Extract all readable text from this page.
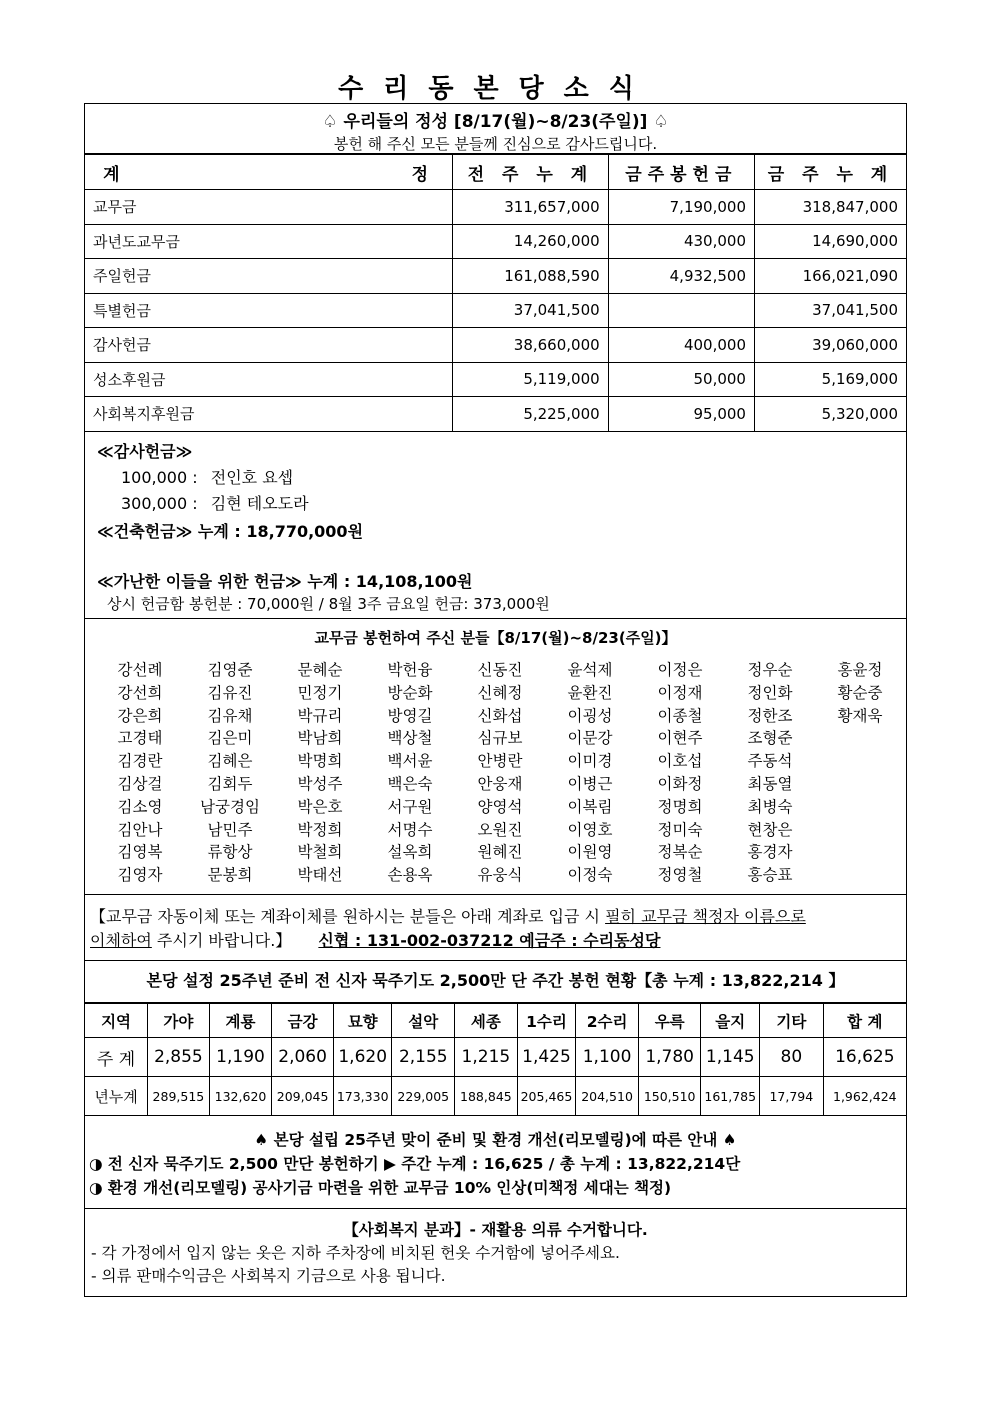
수리동본당소식
♤ 우리들의 정성 [8/17(월)~8/23(주일)] ♤
봉헌 해 주신 모든 분들께 진심으로 감사드립니다.
계                        정	전 주 누 계	금주봉헌금	금 주 누 계
교무금	311,657,000	7,190,000	318,847,000
과년도교무금	14,260,000	430,000	14,690,000
주일헌금	161,088,590	4,932,500	166,021,090
특별헌금	37,041,500		37,041,500
감사헌금	38,660,000	400,000	39,060,000
성소후원금	5,119,000	50,000	5,169,000
사회복지후원금	5,225,000	95,000	5,320,000
≪감사헌금≫
100,000 : 전인호 요셉
300,000 : 김현 테오도라
≪건축헌금≫ 누계 : 18,770,000원
≪가난한 이들을 위한 헌금≫ 누계 : 14,108,100원
상시 헌금함 봉헌분 : 70,000원 / 8월 3주 금요일 헌금: 373,000원
교무금 봉헌하여 주신 분들【8/17(월)~8/23(주일)】
강선례	김영준	문혜순	박헌융	신동진	윤석제	이정은	정우순	홍윤정
강선희	김유진	민정기	방순화	신혜정	윤환진	이정재	정인화	황순중
강은희	김유채	박규리	방영길	신화섭	이굉성	이종철	정한조	황재욱
고경태	김은미	박남희	백상철	심규보	이문강	이현주	조형준
김경란	김혜은	박명희	백서윤	안병란	이미경	이호섭	주동석
김상걸	김회두	박성주	백은숙	안웅재	이병근	이화정	최동열
김소영	남궁경임	박은호	서구원	양영석	이복림	정명희	최병숙
김안나	남민주	박정희	서명수	오원진	이영호	정미숙	현창은
김영복	류항상	박철희	설옥희	원혜진	이원영	정복순	홍경자
김영자	문봉희	박태선	손용옥	유웅식	이정숙	정영철	홍승표
【교무금 자동이체 또는 계좌이체를 원하시는 분들은 아래 계좌로 입금 시 필히 교무금 책정자 이름으로
이체하여 주시기 바랍니다.】 신협 : 131-002-037212 예금주 : 수리동성당
본당 설정 25주년 준비 전 신자 묵주기도 2,500만 단 주간 봉헌 현황【총 누계 : 13,822,214 】
지역	가야	계룡	금강	묘향	설악	세종	1수리	2수리	우륵	을지	기타	합 계
주 계	2,855	1,190	2,060	1,620	2,155	1,215	1,425	1,100	1,780	1,145	80	16,625
년누계	289,515	132,620	209,045	173,330	229,005	188,845	205,465	204,510	150,510	161,785	17,794	1,962,424
♠ 본당 설립 25주년 맞이 준비 및 환경 개선(리모델링)에 따른 안내 ♠
◑ 전 신자 묵주기도 2,500 만단 봉헌하기 ▶ 주간 누계 : 16,625 / 총 누계 : 13,822,214단
◑ 환경 개선(리모델링) 공사기금 마련을 위한 교무금 10% 인상(미책정 세대는 책정)
【사회복지 분과】- 재활용 의류 수거합니다.
- 각 가정에서 입지 않는 옷은 지하 주차장에 비치된 헌옷 수거함에 넣어주세요.
- 의류 판매수익금은 사회복지 기금으로 사용 됩니다.
